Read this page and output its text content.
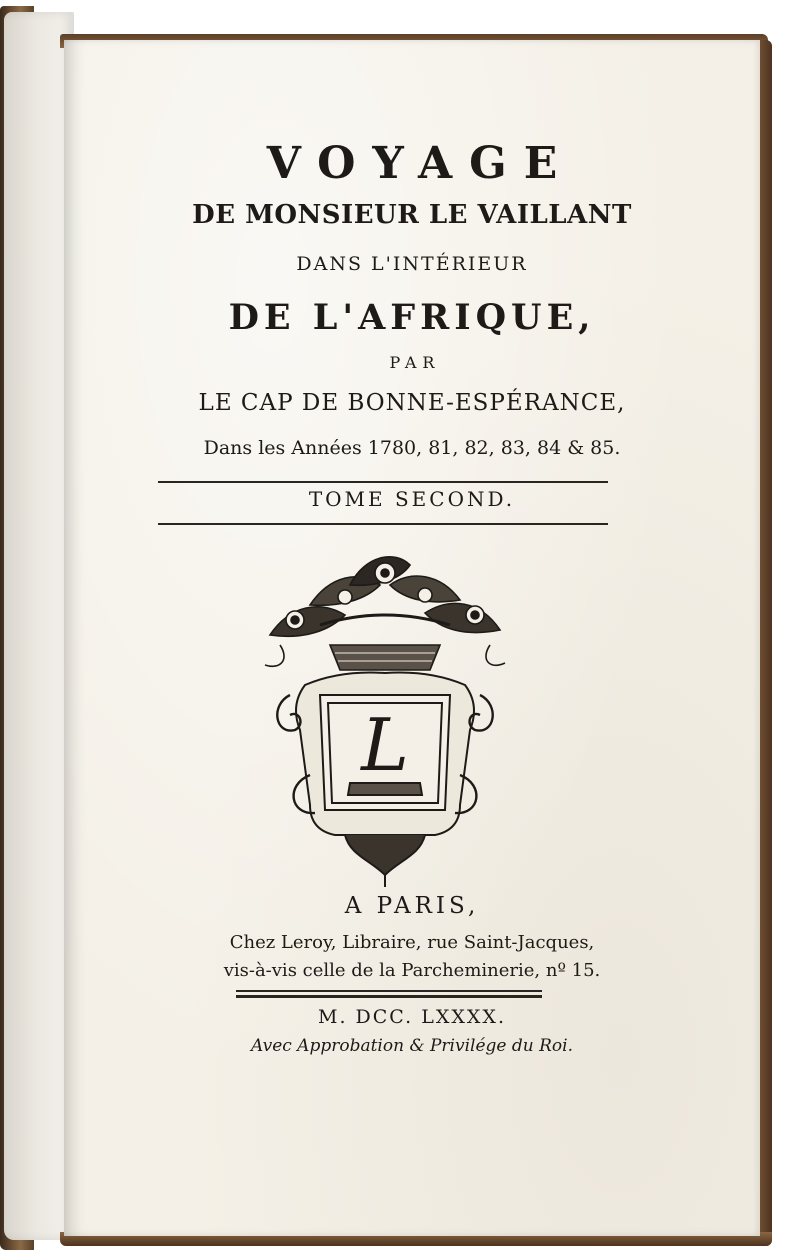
VOYAGE
DE MONSIEUR LE VAILLANT
DANS L'INTÉRIEUR
DE L'AFRIQUE,
PAR
LE CAP DE BONNE-ESPÉRANCE,
Dans les Années 1780, 81, 82, 83, 84 & 85.
TOME SECOND.
L
A PARIS,
Chez Leroy, Libraire, rue Saint-Jacques,
vis-à-vis celle de la Parcheminerie, nº 15.
M. DCC. LXXXX.
Avec Approbation & Privilége du Roi.
